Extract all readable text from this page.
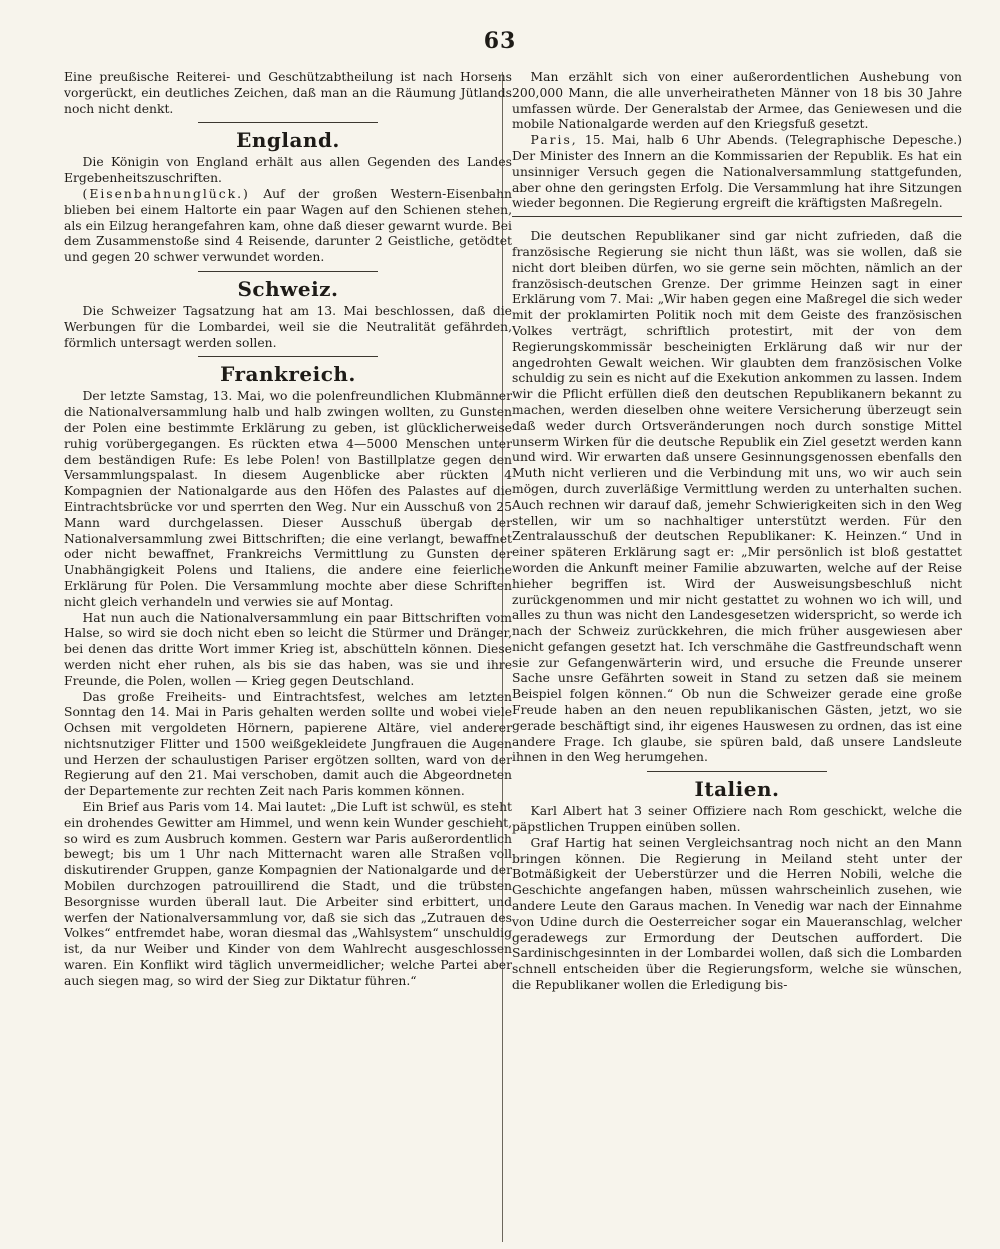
63

Eine preußische Reiterei- und Geschützabtheilung ist nach Horsens vorgerückt, ein deutliches Zeichen, daß man an die Räumung Jütlands noch nicht denkt.

England.

Die Königin von England erhält aus allen Gegenden des Landes Ergebenheitszuschriften.

(Eisenbahnunglück.) Auf der großen Western-Eisenbahn blieben bei einem Haltorte ein paar Wagen auf den Schienen stehen, als ein Eilzug herangefahren kam, ohne daß dieser gewarnt wurde. Bei dem Zusammenstoße sind 4 Reisende, darunter 2 Geistliche, getödtet und gegen 20 schwer verwundet worden.

Schweiz.

Die Schweizer Tagsatzung hat am 13. Mai beschlossen, daß die Werbungen für die Lombardei, weil sie die Neutralität gefährden, förmlich untersagt werden sollen.

Frankreich.

Der letzte Samstag, 13. Mai, wo die polenfreundlichen Klubmänner die Nationalversammlung halb und halb zwingen wollten, zu Gunsten der Polen eine bestimmte Erklärung zu geben, ist glücklicherweise ruhig vorübergegangen. Es rückten etwa 4—5000 Menschen unter dem beständigen Rufe: Es lebe Polen! von Bastillplatze gegen den Versammlungspalast. In diesem Augenblicke aber rückten 4 Kompagnien der Nationalgarde aus den Höfen des Palastes auf die Eintrachtsbrücke vor und sperrten den Weg. Nur ein Ausschuß von 25 Mann ward durchgelassen. Dieser Ausschuß übergab der Nationalversammlung zwei Bittschriften; die eine verlangt, bewaffnet oder nicht bewaffnet, Frankreichs Vermittlung zu Gunsten der Unabhängigkeit Polens und Italiens, die andere eine feierliche Erklärung für Polen. Die Versammlung mochte aber diese Schriften nicht gleich verhandeln und verwies sie auf Montag.

Hat nun auch die Nationalversammlung ein paar Bittschriften vom Halse, so wird sie doch nicht eben so leicht die Stürmer und Dränger, bei denen das dritte Wort immer Krieg ist, abschütteln können. Diese werden nicht eher ruhen, als bis sie das haben, was sie und ihre Freunde, die Polen, wollen — Krieg gegen Deutschland.

Das große Freiheits- und Eintrachtsfest, welches am letzten Sonntag den 14. Mai in Paris gehalten werden sollte und wobei viele Ochsen mit vergoldeten Hörnern, papierene Altäre, viel anderer nichtsnutziger Flitter und 1500 weißgekleidete Jungfrauen die Augen und Herzen der schaulustigen Pariser ergötzen sollten, ward von der Regierung auf den 21. Mai verschoben, damit auch die Abgeordneten der Departemente zur rechten Zeit nach Paris kommen können.

Ein Brief aus Paris vom 14. Mai lautet: „Die Luft ist schwül, es steht ein drohendes Gewitter am Himmel, und wenn kein Wunder geschieht, so wird es zum Ausbruch kommen. Gestern war Paris außerordentlich bewegt; bis um 1 Uhr nach Mitternacht waren alle Straßen voll diskutirender Gruppen, ganze Kompagnien der Nationalgarde und der Mobilen durchzogen patrouillirend die Stadt, und die trübsten Besorgnisse wurden überall laut. Die Arbeiter sind erbittert, und werfen der Nationalversammlung vor, daß sie sich das „Zutrauen des Volkes“ entfremdet habe, woran diesmal das „Wahlsystem“ unschuldig ist, da nur Weiber und Kinder von dem Wahlrecht ausgeschlossen waren. Ein Konflikt wird täglich unvermeidlicher; welche Partei aber auch siegen mag, so wird der Sieg zur Diktatur führen.“

Man erzählt sich von einer außerordentlichen Aushebung von 200,000 Mann, die alle unverheiratheten Männer von 18 bis 30 Jahre umfassen würde. Der Generalstab der Armee, das Geniewesen und die mobile Nationalgarde werden auf den Kriegsfuß gesetzt.

Paris, 15. Mai, halb 6 Uhr Abends. (Telegraphische Depesche.) Der Minister des Innern an die Kommissarien der Republik. Es hat ein unsinniger Versuch gegen die Nationalversammlung stattgefunden, aber ohne den geringsten Erfolg. Die Versammlung hat ihre Sitzungen wieder begonnen. Die Regierung ergreift die kräftigsten Maßregeln.

Die deutschen Republikaner sind gar nicht zufrieden, daß die französische Regierung sie nicht thun läßt, was sie wollen, daß sie nicht dort bleiben dürfen, wo sie gerne sein möchten, nämlich an der französisch-deutschen Grenze. Der grimme Heinzen sagt in einer Erklärung vom 7. Mai: „Wir haben gegen eine Maßregel die sich weder mit der proklamirten Politik noch mit dem Geiste des französischen Volkes verträgt, schriftlich protestirt, mit der von dem Regierungskommissär bescheinigten Erklärung daß wir nur der angedrohten Gewalt weichen. Wir glaubten dem französischen Volke schuldig zu sein es nicht auf die Exekution ankommen zu lassen. Indem wir die Pflicht erfüllen dieß den deutschen Republikanern bekannt zu machen, werden dieselben ohne weitere Versicherung überzeugt sein daß weder durch Ortsveränderungen noch durch sonstige Mittel unserm Wirken für die deutsche Republik ein Ziel gesetzt werden kann und wird. Wir erwarten daß unsere Gesinnungsgenossen ebenfalls den Muth nicht verlieren und die Verbindung mit uns, wo wir auch sein mögen, durch zuverläßige Vermittlung werden zu unterhalten suchen. Auch rechnen wir darauf daß, jemehr Schwierigkeiten sich in den Weg stellen, wir um so nachhaltiger unterstützt werden. Für den Zentralausschuß der deutschen Republikaner: K. Heinzen.“ Und in einer späteren Erklärung sagt er: „Mir persönlich ist bloß gestattet worden die Ankunft meiner Familie abzuwarten, welche auf der Reise hieher begriffen ist. Wird der Ausweisungsbeschluß nicht zurückgenommen und mir nicht gestattet zu wohnen wo ich will, und alles zu thun was nicht den Landesgesetzen widerspricht, so werde ich nach der Schweiz zurückkehren, die mich früher ausgewiesen aber nicht gefangen gesetzt hat. Ich verschmähe die Gastfreundschaft wenn sie zur Gefangenwärterin wird, und ersuche die Freunde unserer Sache unsre Gefährten soweit in Stand zu setzen daß sie meinem Beispiel folgen können.“ Ob nun die Schweizer gerade eine große Freude haben an den neuen republikanischen Gästen, jetzt, wo sie gerade beschäftigt sind, ihr eigenes Hauswesen zu ordnen, das ist eine andere Frage. Ich glaube, sie spüren bald, daß unsere Landsleute ihnen in den Weg herumgehen.

Italien.

Karl Albert hat 3 seiner Offiziere nach Rom geschickt, welche die päpstlichen Truppen einüben sollen.

Graf Hartig hat seinen Vergleichsantrag noch nicht an den Mann bringen können. Die Regierung in Meiland steht unter der Botmäßigkeit der Ueberstürzer und die Herren Nobili, welche die Geschichte angefangen haben, müssen wahrscheinlich zusehen, wie andere Leute den Garaus machen. In Venedig war nach der Einnahme von Udine durch die Oesterreicher sogar ein Maueranschlag, welcher geradewegs zur Ermordung der Deutschen auffordert. Die Sardinischgesinnten in der Lombardei wollen, daß sich die Lombarden schnell entscheiden über die Regierungsform, welche sie wünschen, die Republikaner wollen die Erledigung bis-
